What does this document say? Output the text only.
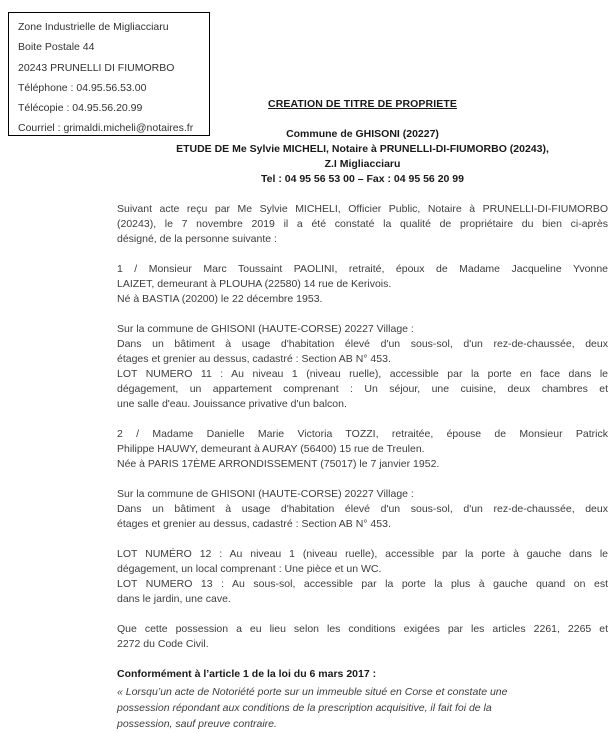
Zone Industrielle de Migliacciaru
Boite Postale 44
20243 PRUNELLI DI FIUMORBO
Téléphone : 04.95.56.53.00
Télécopie : 04.95.56.20.99
Courriel : grimaldi.micheli@notaires.fr
CREATION DE TITRE DE PROPRIETE
Commune de GHISONI (20227)
ETUDE DE Me Sylvie MICHELI, Notaire à PRUNELLI-DI-FIUMORBO (20243),
Z.I Migliacciaru
Tel : 04 95 56 53 00 – Fax : 04 95 56 20 99
Suivant acte reçu par Me Sylvie MICHELI, Officier Public, Notaire à PRUNELLI-DI-FIUMORBO
(20243), le 7 novembre 2019 il a été constaté la qualité de propriétaire du bien ci-après
désigné, de la personne suivante :
1 / Monsieur Marc Toussaint PAOLINI, retraité, époux de Madame Jacqueline Yvonne
LAIZET, demeurant à PLOUHA (22580) 14 rue de Kerivois.
Né à BASTIA (20200) le 22 décembre 1953.
Sur la commune de GHISONI (HAUTE-CORSE) 20227 Village :
Dans un bâtiment à usage d'habitation élevé d'un sous-sol, d'un rez-de-chaussée, deux
étages et grenier au dessus, cadastré : Section AB N° 453.
LOT NUMERO 11 : Au niveau 1 (niveau ruelle), accessible par la porte en face dans le
dégagement, un appartement comprenant : Un séjour, une cuisine, deux chambres et
une salle d'eau. Jouissance privative d'un balcon.
2 / Madame Danielle Marie Victoria TOZZI, retraitée, épouse de Monsieur Patrick
Philippe HAUWY, demeurant à AURAY (56400) 15 rue de Treulen.
Née à PARIS 17ÈME ARRONDISSEMENT (75017) le 7 janvier 1952.
Sur la commune de GHISONI (HAUTE-CORSE) 20227 Village :
Dans un bâtiment à usage d'habitation élevé d'un sous-sol, d'un rez-de-chaussée, deux
étages et grenier au dessus, cadastré : Section AB N° 453.
LOT NUMÉRO 12 : Au niveau 1 (niveau ruelle), accessible par la porte à gauche dans le
dégagement, un local comprenant : Une pièce et un WC.
LOT NUMERO 13 : Au sous-sol, accessible par la porte la plus à gauche quand on est
dans le jardin, une cave.
Que cette possession a eu lieu selon les conditions exigées par les articles 2261, 2265 et
2272 du Code Civil.
Conformément à l’article 1 de la loi du 6 mars 2017 :
« Lorsqu’un acte de Notoriété porte sur un immeuble situé en Corse et constate une
possession répondant aux conditions de la prescription acquisitive, il fait foi de la
possession, sauf preuve contraire.
